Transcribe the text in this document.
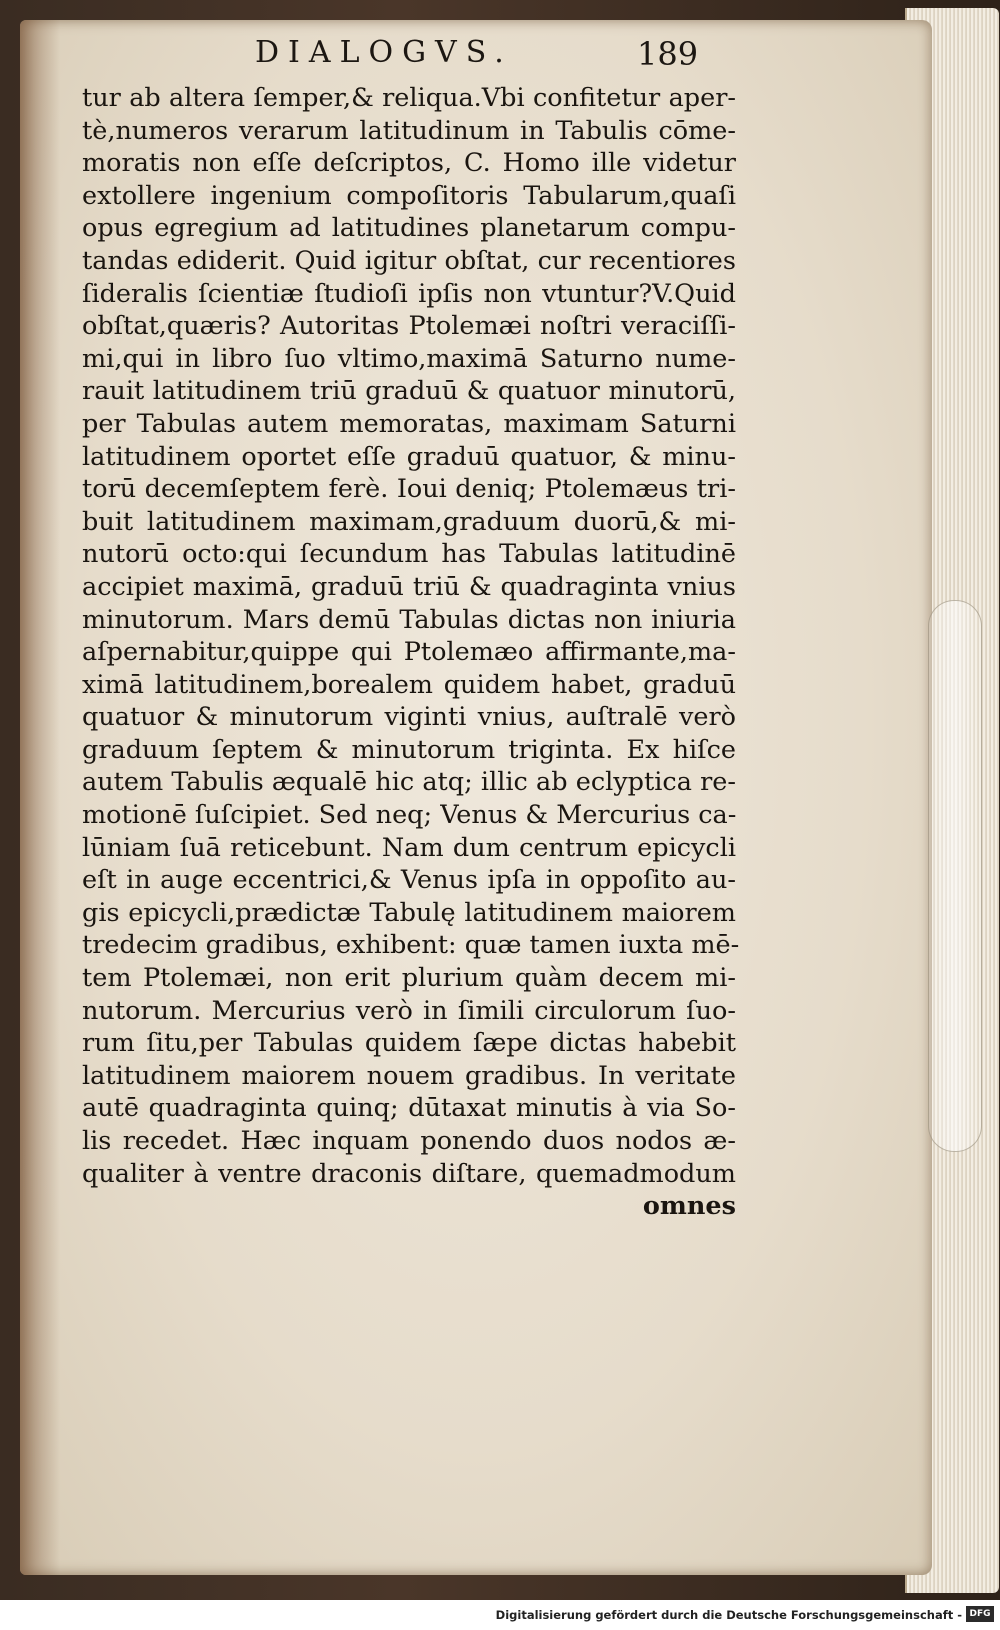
DIALOGVS.	189
tur ab altera ſemper,& reliqua.Vbi confitetur aper-
tè,numeros verarum latitudinum in Tabulis cōme-
moratis non eſſe deſcriptos, C. Homo ille videtur
extollere ingenium compoſitoris Tabularum,quaſi
opus egregium ad latitudines planetarum compu-
tandas ediderit. Quid igitur obſtat, cur recentiores
ſideralis ſcientiæ ſtudioſi ipſis non vtuntur?V.Quid
obſtat,quæris? Autoritas Ptolemæi noſtri veraciſſi-
mi,qui in libro ſuo vltimo,maximā Saturno nume-
rauit latitudinem triū graduū & quatuor minutorū,
per Tabulas autem memoratas, maximam Saturni
latitudinem oportet eſſe graduū quatuor, & minu-
torū decemſeptem ferè. Ioui deniq; Ptolemæus tri-
buit latitudinem maximam,graduum duorū,& mi-
nutorū octo:qui ſecundum has Tabulas latitudinē
accipiet maximā, graduū triū & quadraginta vnius
minutorum. Mars demū Tabulas dictas non iniuria
aſpernabitur,quippe qui Ptolemæo affirmante,ma-
ximā latitudinem,borealem quidem habet, graduū
quatuor & minutorum viginti vnius, auſtralē verò
graduum ſeptem & minutorum triginta. Ex hiſce
autem Tabulis æqualē hic atq; illic ab eclyptica re-
motionē ſuſcipiet. Sed neq; Venus & Mercurius ca-
lūniam ſuā reticebunt. Nam dum centrum epicycli
eſt in auge eccentrici,& Venus ipſa in oppoſito au-
gis epicycli,prædictæ Tabulę latitudinem maiorem
tredecim gradibus, exhibent: quæ tamen iuxta mē-
tem Ptolemæi, non erit plurium quàm decem mi-
nutorum. Mercurius verò in ſimili circulorum ſuo-
rum ſitu,per Tabulas quidem ſæpe dictas habebit
latitudinem maiorem nouem gradibus. In veritate
autē quadraginta quinq; dūtaxat minutis à via So-
lis recedet. Hæc inquam ponendo duos nodos æ-
qualiter à ventre draconis diſtare, quemadmodum
omnes
Digitalisierung gefördert durch die Deutsche Forschungsgemeinschaft - DFG
